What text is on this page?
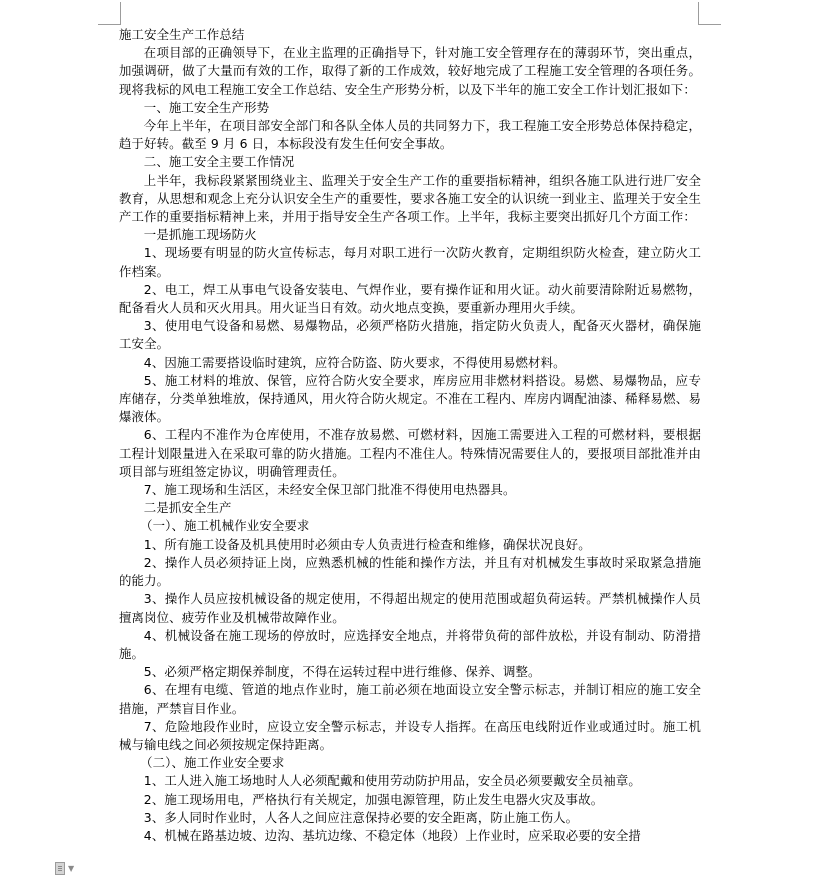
施工安全生产工作总结

在项目部的正确领导下，在业主监理的正确指导下，针对施工安全管理存在的薄弱环节，突出重点，加强调研，做了大量而有效的工作，取得了新的工作成效，较好地完成了工程施工安全管理的各项任务。现将我标的风电工程施工安全工作总结、安全生产形势分析，以及下半年的施工安全工作计划汇报如下：

一、施工安全生产形势

今年上半年，在项目部安全部门和各队全体人员的共同努力下，我工程施工安全形势总体保持稳定，趋于好转。截至 9 月 6 日，本标段没有发生任何安全事故。

二、施工安全主要工作情况

上半年，我标段紧紧围绕业主、监理关于安全生产工作的重要指标精神，组织各施工队进行进厂安全教育，从思想和观念上充分认识安全生产的重要性，要求各施工安全的认识统一到业主、监理关于安全生产工作的重要指标精神上来，并用于指导安全生产各项工作。上半年，我标主要突出抓好几个方面工作：

一是抓施工现场防火

1、现场要有明显的防火宣传标志，每月对职工进行一次防火教育，定期组织防火检查，建立防火工作档案。

2、电工，焊工从事电气设备安装电、气焊作业，要有操作证和用火证。动火前要清除附近易燃物，配备看火人员和灭火用具。用火证当日有效。动火地点变换，要重新办理用火手续。

3、使用电气设备和易燃、易爆物品，必须严格防火措施，指定防火负责人，配备灭火器材，确保施工安全。

4、因施工需要搭设临时建筑，应符合防盗、防火要求，不得使用易燃材料。

5、施工材料的堆放、保管，应符合防火安全要求，库房应用非燃材料搭设。易燃、易爆物品，应专库储存，分类单独堆放，保持通风，用火符合防火规定。不准在工程内、库房内调配油漆、稀释易燃、易爆液体。

6、工程内不准作为仓库使用，不准存放易燃、可燃材料，因施工需要进入工程的可燃材料，要根据工程计划限量进入在采取可靠的防火措施。工程内不准住人。特殊情况需要住人的，要报项目部批准并由项目部与班组签定协议，明确管理责任。

7、施工现场和生活区，未经安全保卫部门批准不得使用电热器具。

二是抓安全生产

（一）、施工机械作业安全要求

1、所有施工设备及机具使用时必须由专人负责进行检查和维修，确保状况良好。

2、操作人员必须持证上岗，应熟悉机械的性能和操作方法，并且有对机械发生事故时采取紧急措施的能力。

3、操作人员应按机械设备的规定使用，不得超出规定的使用范围或超负荷运转。严禁机械操作人员擅离岗位、疲劳作业及机械带故障作业。

4、机械设备在施工现场的停放时，应选择安全地点，并将带负荷的部件放松，并设有制动、防滑措施。

5、必须严格定期保养制度，不得在运转过程中进行维修、保养、调整。

6、在埋有电缆、管道的地点作业时，施工前必须在地面设立安全警示标志，并制订相应的施工安全措施，严禁盲目作业。

7、危险地段作业时，应设立安全警示标志，并设专人指挥。在高压电线附近作业或通过时。施工机械与输电线之间必须按规定保持距离。

（二）、施工作业安全要求

1、工人进入施工场地时人人必须配戴和使用劳动防护用品，安全员必须要戴安全员袖章。

2、施工现场用电，严格执行有关规定，加强电源管理，防止发生电器火灾及事故。

3、多人同时作业时，人各人之间应注意保持必要的安全距离，防止施工伤人。

4、机械在路基边坡、边沟、基坑边缘、不稳定体（地段）上作业时，应采取必要的安全措

▼
